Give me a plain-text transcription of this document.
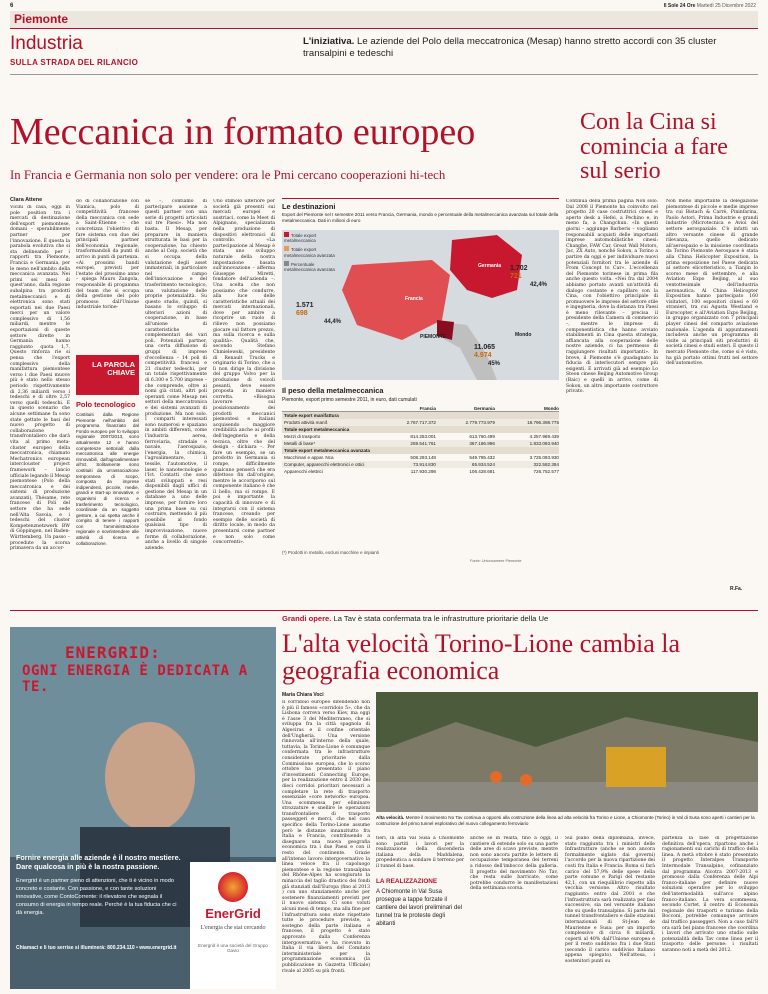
6	Il Sole 24 Ore Martedì 25 Dicembre 2022
Piemonte
Industria
SULLA STRADA DEL RILANCIO
L'iniziativa. Le aziende del Polo della meccatronica (Mesap) hanno stretto accordi con 35 cluster transalpini e tedeschi
Meccanica in formato europeo
In Francia e Germania non solo per vendere: ora le Pmi cercano cooperazioni hi-tech
Clara Attene
Vicini di casa, oggi in pole position tra i mercati di destinazione dell'export piemontese, domani – sperabilmente partner per l'innovazione. È questa la parabola evolutiva che si sta delineando per i rapporti tra Piemonte, Francia e Germania, per le meno nell'ambito della meccanica avanzata. Nei primi sei mesi di quest'anno, dalla regione subalpina tra prodotti metalmeccanici e di elettronica sono stati esportati nei due Paesi merci per un valore complessivo di 1,56 miliardi, mentre le esportazioni di queste settore dirette in Germania hanno raggiunto quota 1,7. Questo rinforza rie si pensa che l'export complessivo della manifattura piemontese verso i due Paesi muove più è stato nello stesso periodo rispettivamente di 2,36 miliardi verso i tedeschi e di oltre 2,57 verso quelli tedeschi. E in questo scenario che alcune settimane fa sono state gettate le basi del nuovo progetto di collaborazione transfrontaliero che darà vita al primo meta-cluster europeo della meccatronica, chiamato Mechatronics european interclouster project framework – lancio ufficiale legando il Mesap piemontese (Polo della meccatronica e dei sistemi di produzione avanzati), Thésame, rete francese di Poli del settore che ha sede nell'Alta Savoia, e i tedeschi del cluster Kompetenznetzwerk BW di Göppingen, nel Baden-Württemberg. Un passo – procedute la scorsa primavera da un accor-
do di collaborazione con Viamica, polo di competitività francese della meccanica con sede a Saint-Étienne – che concretizza l'obiettivo di fare sistema con due dei principali partner dell'economia regionale, trasformandoli da punti di arrivo in punti di partenza. «Ai prossimi bandi europei, previsti per l'estate del prossimo anno – spiega Mauro Zangola, responsabile di progamma del team che si occupa della gestione del polo promosso dall'Unione industriale torine-
LA PAROLA CHIAVE
Polo tecnologico
Costituiti dalla Regione Piemonte nell'ambito del programma finanziato dal Fondo europeo per lo sviluppo regionale 2007/2013, sono attualmente 12 e hanno competenze settoriali: dalla meccatronica alle energie rinnovabili, dall'agroalimentare all'Ict. Solitamente sono costituiti da un'associazione temporanea di scopo, composta da imprese indipendenti, piccole, medie, grandi e start-up innovative, e organismi di ricerca e trasferimento tecnologico, coordinate da un soggetto gestore, a cui spetta anche il compito di tenere i rapporti con l'amministrazione regionale e sovrintendere alle attività di ricerca e collaborazione.
se –, contiamo di partecipare assieme a questi partner con una serie di progetti articolati sul tre Paesi». Ma non basta. Il Mesap, per preparare in maniera strutturata le basi per la cooperazione, ha chiesto anche al Ceip, società che si occupa della valutazione degli asset immateriali, in particolare nel campo dell'innovazione e del trasferimento tecnologico, una valutazione delle proprie potenzialità. Su questo studio, quindi, si basano lo sviluppo di ulteriori azioni di cooperazione, in base all'unione di caratteristiche complementari dei vari poli. Potenziali partner, una certa diffusione di gruppi di imprese d'eccellenza – 14 poli di competitività francesi e 21 cluster tedeschi, per un totale rispettivamente di 6.300 e 5.700 imprese – che comprende, oltre ai nomi già citati, altri poli operanti come Mesap nei settori della meccatronica e dei sistemi avanzati di produzione. Ma non solo. I comparti interessati sono numerosi e spaziano in ambiti differenti, come l'industria aerea, ferroviaria, stradale e navale, l'aerospazio, l'energia, la chimica, l'agroalimentare, il tessile, l'automotive, il laser, le nanotecnologie e l'Ict. Contatti che sono stati sviluppati e resi disponibili dagli uffici di gestione del Mesap in un database a uno delle imprese, per fornire loro una prima base su cui costruire, mettendo il più possibile al fondo qualsiasi tipo di improvvisazione, nuove forme di collaborazione, anche a livello di singole aziende.
Uno stimolo ulteriore per società già presenti sui mercati europei e austriaci, come la Meet di Alpignano, specializzata nella produzione di dispositivi elettronici di controllo. «La partecipazione al Mesap è stata uno sviluppo naturale della nostra impostazione basata sull'innovazione – afferma Giuseppe Miretti, fondatore dell'azienda –. Una scelta che non possiamo che condurre, alla luce delle caratteristiche attuali dei mercati internazionali, dove per ambire a ricoprire un ruolo di rilievo non possiamo giocare sul fattore prezzo, ma sulla ricerca e sulla qualità». Qualità che, secondo Stefano Chmielewski, presidente di Renault Trucks e originario di Torino, che a lì non dirige la divisione del gruppo Volvo per la produzione di veicoli pesanti, deve essere proposta in maniera corretta. «Bisogna lavorare sul posizionamento dei prodotti meccanici piemontesi e italiani acquisendo maggiore credibilità anche ai profili dell'ingegneria e della tecnica, oltre che del design – dichiara –. Per fare un esempio, se un prodotto in Germania si rompe, difficilmente qualcuno penserà che era difettoso fin dall'origine, mentre le accoriporso sul componente italiano è che il bello, ma si rompe. E poi è importante la capacità di innovare e di integrarsi con il sistema francese, creando per esempio delle società di diritto locale, in modo da presentarsi come partner e non solo come concorrenti».
Le destinazioni
Export del Piemonte nel I semestre 2011 verso Francia, Germania, mondo e percentuale della metalmeccanica avanzata sul totale della metalmeccanica. Dati in milioni di euro
Totale export metalmeccanica
Totale export metalmeccanica avanzata
Percentuale metalmeccanica avanzata
Germania 1.702
721
42,4%
Francia
1.571
698
44,4%
PIEMONTE	Mondo
11.065
4.974
45%
Il peso della metalmeccanica
Piemonte, export primo semestre 2011, in euro, dati cumulati
	Francia	Germania	Mondo
Totale export manifattura			
Prodotti attività manif.	2.767.717.372	2.779.773.979	18.796.398.775
Totale export metalmeccanica			
Mezzi di trasporto	814.253.001	613.760.499	4.257.989.439
Metalli di base*	259.541.761	367.186.996	1.833.093.940
Totale export metalmeccanica avanzata			
Macchinari e appar. Nca	508.293.148	549.785.432	3.725.093.930
Computer, apparecchi elettronici e ottici	73.914.830	65.934.524	322.582.394
Apparecchi elettrici	117.930.298	106.428.681	726.752.577
(*) Prodotti in metallo, esclusi macchine e impianti
Fonte: Unioncamere Piemonte
Con la Cina si comincia a fare sul serio
Continua della prima pagina Non solo. Dal 2008 il Piemonte ha coinvolto nel progetto 20 case costruttrici cinesi e aperto desk a Hefei, a Pechino e, in meno fa, a Changchun. «In questi giorni – aggiunge Barberis – vogliamo responsabili acquisti delle importanti imprese automobilistiche cinesi: Changhe, FAW Car, Great Wall Motors, Jac, ZX Auto, nonché Sokon, a Torino a partire da oggi e per individuare nuovi potenziali fornitori tra le aziende di From Concept to Car». L'eccellenza del Piemonte torinese in prima fila anche questo volta. «Nei fra dal 2004 abbiamo portato avanti un'attività di dialogo costante e capillare con la Cina, con l'obiettivo principale di promuovere le imprese del settore stile e ingegneria, dove la distanza tra Paesi è meno rilevante – precisa il presidente della Camera di commercio –, mentre le imprese di componentistica che hanno avviato stabilimenti in Cina questa strategia, affiancata alla cooperazione delle nostre aziende, ci ha permesso di raggiungere risultati importanti». In breve, il Piemonte s'è guadagnato la fiducia di interlocutori sempre più esigenti. E arrivati già ad esempio Lo Steon cinese Beijing Automotive Group (Baic) e quelli in arrivo, come di Sokon, un altro importante costruttore privato.
Non meno importante la delegazione piemontese di piccole e medie imprese tra cui Bistach & Carrè, Pininfarina, Paolo Astori, Prima Industrie e grandi industrie (Microtecnica e Avioi del settore aerospaziale. C'è infatti un altro versante cinese di grande rilevanza, quello dedicato all'aerospazio e la missione coordinata da Torino Piemonte Aerospace è stata alla China Helicopter Exposition, la prima esposizione nel Paese dedicata al settore elicotteristico, a Tianjin lo scorso mese di settembre, e alla Aviation Expo Beijing, al suo ventottesimale dell'industria aeronautica. Al China Helicopter Exposition hanno partecipato 160 visitatori, 100 espositori cinesi e 60 stranieri, tra cui Agusta Westland e Eurocopter, e all'Aviation Expo Beijing, in gruppo organizzato con 7 principali player cinesi del comparto aviazione nazionale. L'agenda di appuntamenti includeva anche un programma di visite ai principali siti produttivi di società cinesi e studi esteri. E questo il mercato Piemonte che, come si è visto, ha già portato ottimi frutti nel settore dell'automotive.
R.Fa.
Grandi opere. La Tav è stata confermata tra le infrastrutture prioritarie della Ue
ENERGRID:
OGNI ENERGIA È DEDICATA A TE.
Fornire energia alle aziende è il nostro mestiere. Dare qualcosa in più è la nostra passione.
Energrid è un partner pieno di attenzioni, che ti è vicino in modo concreto e costante. Con passione, e con tante soluzioni innovative, come ContoCorrente: il rilevatore che segnala il consumo di energia in tempo reale. Perché è la tua fiducia che ci dà energia.
Chiamaci e li tuo serrise si illuminerà: 800.234.110 • www.energrid.it
EnerGrid
L'energia che stai cercando
Energrid è una società del Gruppo Gavio
L'alta velocità Torino-Lione cambia la geografia economica
Maria Chiara Voci
Il corridoio europeo difendendo non è più il famoso «corridoio 5», che da Lisbona correva verso Kiev, ma oggi è l'asse 3 del Mediterraneo, che si sviluppa fra la città spagnola di Algeciras e il confine orientale dell'Ungheria. Una versione rinnovata all'interno della quale, tuttavia, la Torino-Lione è comunque confermata tra le infrastrutture considerate prioritarie dalla Commissione europea, che lo scorso ottobre ha presentato il piano d'investimenti Connecting Europe, per la realizzazione entro il 2030 dei dieci corridoi prioritari necessari a completare la rete di trasporto essenziale «core network» europea. Una scommessa per eliminare strozzature e snellire le operazioni transfrontaliere di trasporto passeggeri e merci, che nel caso specifico della Torino-Lione assume però le distanze innanzitutto fra Italia e Francia, contribuendo a disegnare una nuova geografia economica tra i due Paesi e con il resto del continente. Grazie all'intenso lavoro intergovernativo la linea veloce fra il capoluogo piemontese e la regione transalpina del Rhône-Alpes ha scongiurato la minaccia del taglio drastico dei fondi già stanziati dall'Europa (fino al 2013 ) con uno stanziamento anche per sostenere finanziamenti previsti per il nuovo sistema. Ci sono voluti alcuni mesi di tempo, ma alla fine per l'infrastruttura sono state rispettate tutte le procedure previste, a sostegno della parte italiana e francese, il progetto è stato approvato dalla Conferenza intergovernativa e ha ricevuto in Italia il via libera del Comitato interministeriale per la programmazione economica (la pubblicazione in Gazzetta Ufficiale) rivale al 2005 su più fronti.
Alta velocità. Mentre il movimento No Tav continua a opporsi alla costruzione della linea ad alta velocità fra Torino e Lione, a Chiomonte (Torino) in Val di Susa sono aperti i cantieri per la costruzione del primo tunnel esplorativo del nuovo collegamento ferroviario
tieri, in alta Val Susa a Chiomonte sono partiti i lavori per la realizzazione della discenderia italiana della Maddalena, propedeutica a sondare il terreno per il tunnel di base.
LA REALIZZAZIONE
A Chiomonte in Val Susa prosegue a tappe forzate il cantiere dei lavori preliminari del tunnel tra le proteste degli abitanti
anche se in realtà, fino a oggi, il cantiere di estende solo su una parte delle aree di scavo previste, mentre non sono ancora partite le lettere di occupazione temporanea dei terreni a ridosso dell'imbocco della galleria. Il progetto del movimento No Tav, che resta sulle barricate, come potrebbe condurre le manifestazioni della settimana scorsa.
Sul piano della diplomazia, invece, stato raggiunta tra i ministri delle Infrastrutture (anche se non ancora formalmente siglato dai governi) l'accordo per la nuova ripartizione dei costi fra Italia e Francia: Roma si farà carico del 57,9% delle spese della parte comune e Parigi del restante 42,1, con un riequilibrio rispetto alla vecchia versione. Altro risultato raggiunto: entro dal 2001 e che l'infrastruttura sarà realizzata per fasi successive, sia nel versante italiano che su quello transalpino. Si parte dal tunnel transfrontaliero e dalle stazioni internazionali di St-Jean de Maurienne e Susa: per un importo complessivo di circa 8 miliardi, coperti al 40% dall'Unione europea e per il resto suddiviso fra i due Stati (secondo il carico suddiviso Italiano appena spiegato). Nell'attesa, i sostenitori punti su
partenza la fase di progettazione definitiva dell'opera, ripartono anche i ragionamenti sui carichi di traffico della linea. A metà ottobre è stato presentato il progetto Interalpes Transporte Intermodale Transalpino, cofinanziato dal programma Alcotra 2007-2013 e promosso dalla Conferenza delle Alpi franco-italiane per definire nuove soluzioni operative per lo sviluppo dell'intermodalità sull'arco alpino franco-italiano. La vera scommessa, secondo Cortet, il centro di Economia regionale dei trasporti e turismo della Bocconi, potrebbe comunque arrivare dal traffico passeggeri. Non a caso fall'8 ora sarà bel piano francese che coordina i lavori che arrivato uno studio sulle potenzialità della Tav come linea per il trasporto delle persone: i risultati saranno noti a metà del 2012.
